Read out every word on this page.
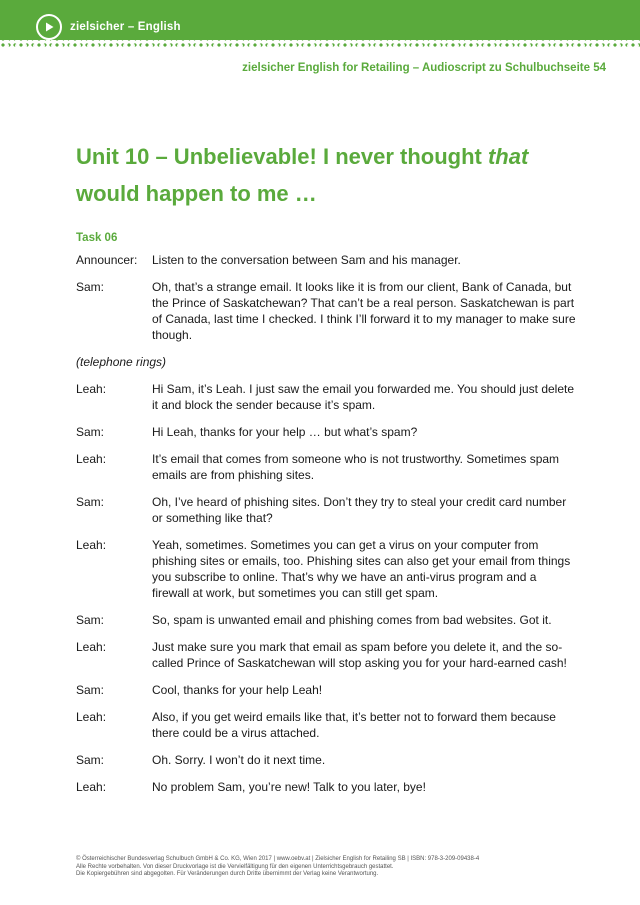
zielsicher – English
zielsicher English for Retailing – Audioscript zu Schulbuchseite 54
Unit 10 – Unbelievable! I never thought that
would happen to me …
Task 06
Announcer:	Listen to the conversation between Sam and his manager.
Sam:	Oh, that’s a strange email. It looks like it is from our client, Bank of Canada, but the Prince of Saskatchewan? That can’t be a real person. Saskatchewan is part of Canada, last time I checked. I think I’ll forward it to my manager to make sure though.
(telephone rings)
Leah:	Hi Sam, it’s Leah. I just saw the email you forwarded me. You should just delete it and block the sender because it’s spam.
Sam:	Hi Leah, thanks for your help … but what’s spam?
Leah:	It’s email that comes from someone who is not trustworthy. Sometimes spam emails are from phishing sites.
Sam:	Oh, I’ve heard of phishing sites. Don’t they try to steal your credit card number or something like that?
Leah:	Yeah, sometimes. Sometimes you can get a virus on your computer from phishing sites or emails, too. Phishing sites can also get your email from things you subscribe to online. That’s why we have an anti-virus program and a firewall at work, but sometimes you can still get spam.
Sam:	So, spam is unwanted email and phishing comes from bad websites. Got it.
Leah:	Just make sure you mark that email as spam before you delete it, and the so-called Prince of Saskatchewan will stop asking you for your hard-earned cash!
Sam:	Cool, thanks for your help Leah!
Leah:	Also, if you get weird emails like that, it’s better not to forward them because there could be a virus attached.
Sam:	Oh. Sorry. I won’t do it next time.
Leah:	No problem Sam, you’re new! Talk to you later, bye!
© Österreichischer Bundesverlag Schulbuch GmbH & Co. KG, Wien 2017 | www.oebv.at | Zielsicher English for Retailing SB | ISBN: 978-3-209-09438-4
Alle Rechte vorbehalten. Von dieser Druckvorlage ist die Vervielfältigung für den eigenen Unterrichtsgebrauch gestattet.
Die Kopiergebühren sind abgegolten. Für Veränderungen durch Dritte übernimmt der Verlag keine Verantwortung.
